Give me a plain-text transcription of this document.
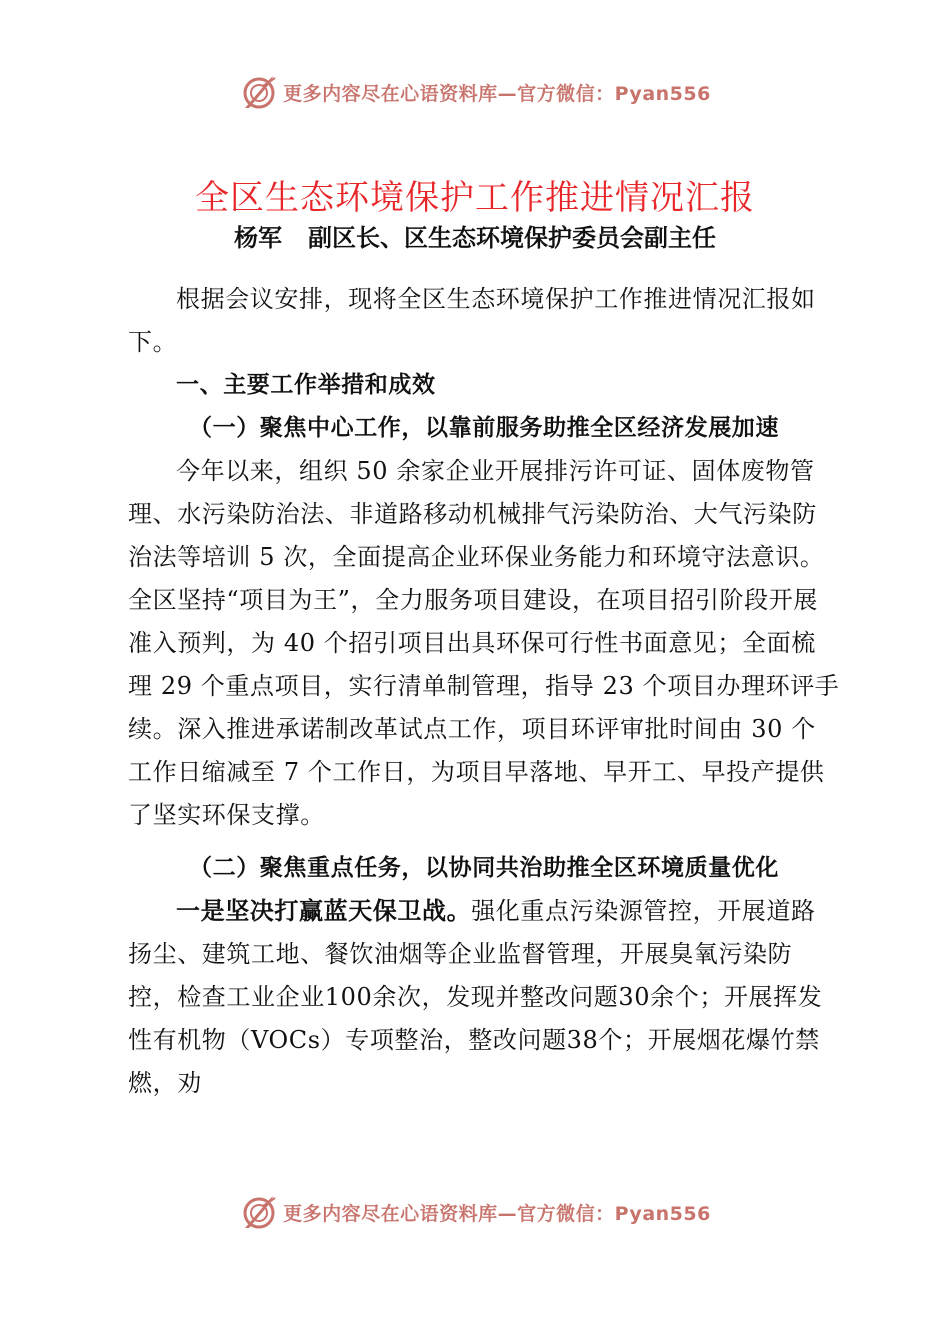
更多内容尽在心语资料库—官方微信：Pyan556
全区生态环境保护工作推进情况汇报
杨军 副区长、区生态环境保护委员会副主任

根据会议安排，现将全区生态环境保护工作推进情况汇报如下。

一、主要工作举措和成效

（一）聚焦中心工作，以靠前服务助推全区经济发展加速

今年以来，组织 50 余家企业开展排污许可证、固体废物管理、水污染防治法、非道路移动机械排气污染防治、大气污染防治法等培训 5 次，全面提高企业环保业务能力和环境守法意识。全区坚持“项目为王”，全力服务项目建设，在项目招引阶段开展准入预判，为 40 个招引项目出具环保可行性书面意见；全面梳理 29 个重点项目，实行清单制管理，指导 23 个项目办理环评手续。深入推进承诺制改革试点工作，项目环评审批时间由 30 个工作日缩减至 7 个工作日，为项目早落地、早开工、早投产提供了坚实环保支撑。

（二）聚焦重点任务，以协同共治助推全区环境质量优化

一是坚决打赢蓝天保卫战。强化重点污染源管控，开展道路扬尘、建筑工地、餐饮油烟等企业监督管理，开展臭氧污染防控，检查工业企业100余次，发现并整改问题30余个；开展挥发性有机物（VOCs）专项整治，整改问题38个；开展烟花爆竹禁燃，劝

更多内容尽在心语资料库—官方微信：Pyan556
